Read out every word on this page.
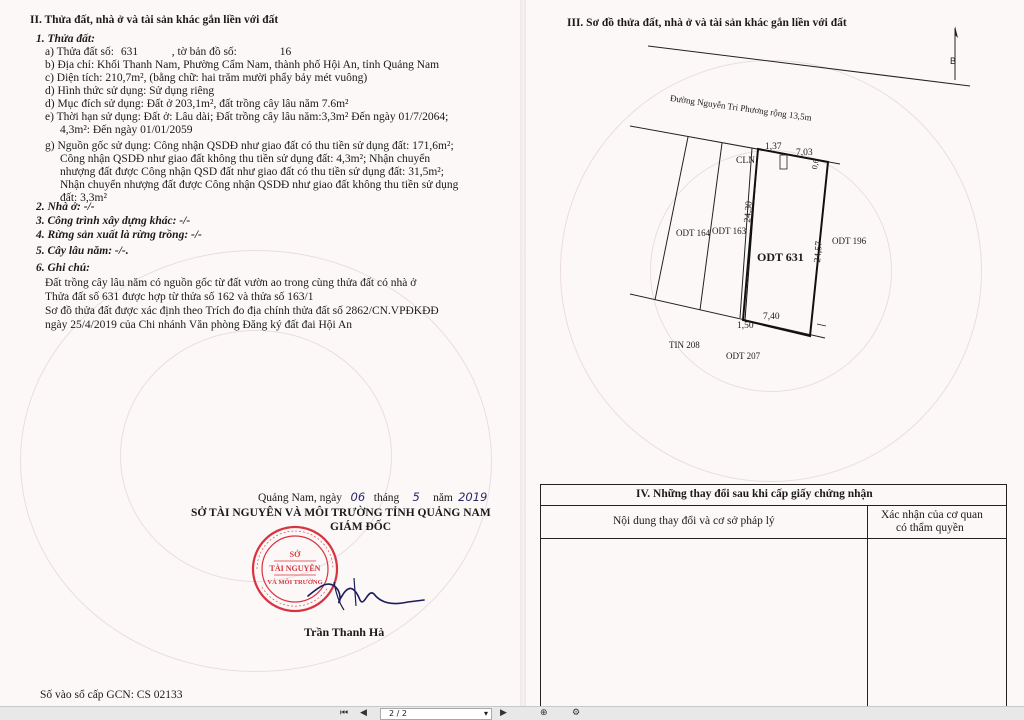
II. Thửa đất, nhà ở và tài sản khác gắn liền với đất
1. Thửa đất:
a) Thửa đất số: 631	, tờ bản đồ số:	16
b) Địa chỉ: Khối Thanh Nam, Phường Cẩm Nam, thành phố Hội An, tỉnh Quảng Nam
c) Diện tích: 210,7m², (bằng chữ: hai trăm mười phẩy bảy mét vuông)
d) Hình thức sử dụng: Sử dụng riêng
d) Mục đích sử dụng: Đất ở 203,1m², đất trồng cây lâu năm 7.6m²
e) Thời hạn sử dụng: Đất ở: Lâu dài; Đất trồng cây lâu năm:3,3m² Đến ngày 01/7/2064;
4,3m²: Đến ngày 01/01/2059
g) Nguồn gốc sử dụng: Công nhận QSDĐ như giao đất có thu tiền sử dụng đất: 171,6m²;
Công nhận QSDĐ như giao đất không thu tiền sử dụng đất: 4,3m²; Nhận chuyển
nhượng đất được Công nhận QSD đất như giao đất có thu tiền sử dụng đất: 31,5m²;
Nhận chuyển nhượng đất được Công nhận QSDĐ như giao đất không thu tiền sử dụng
đất: 3,3m²
2. Nhà ở: -/-
3. Công trình xây dựng khác: -/-
4. Rừng sản xuất là rừng trồng: -/-
5. Cây lâu năm: -/-.
6. Ghi chú:
Đất trồng cây lâu năm có nguồn gốc từ đất vườn ao trong cùng thửa đất có nhà ở
Thửa đất số 631 được hợp từ thửa số 162 và thửa số 163/1
Sơ đồ thửa đất được xác định theo Trích đo địa chính thửa đất số 2862/CN.VPĐKĐĐ
ngày 25/4/2019 của Chi nhánh Văn phòng Đăng ký đất đai Hội An
Quảng Nam, ngày 06 tháng 5 năm 2019
SỞ TÀI NGUYÊN VÀ MÔI TRƯỜNG TỈNH QUẢNG NAM
GIÁM ĐỐC
SỞ
TÀI NGUYÊN
VÀ MÔI TRƯỜNG
Trần Thanh Hà
Số vào sổ cấp GCN: CS 02133
III. Sơ đồ thửa đất, nhà ở và tài sản khác gắn liền với đất
B
Đường Nguyễn Tri Phương rộng 13,5m
1,37
7,03
CLN	0,6
ODT 164 ODT 163
24,30
ODT 631 24,57 ODT 196
7,40
1,50
TIN 208
ODT 207
IV. Những thay đổi sau khi cấp giấy chứng nhận
Nội dung thay đổi và cơ sở pháp lý	Xác nhận của cơ quan
có thẩm quyền
⏮ ◀	2 / 2	▾ ▶	⊕	⚙
